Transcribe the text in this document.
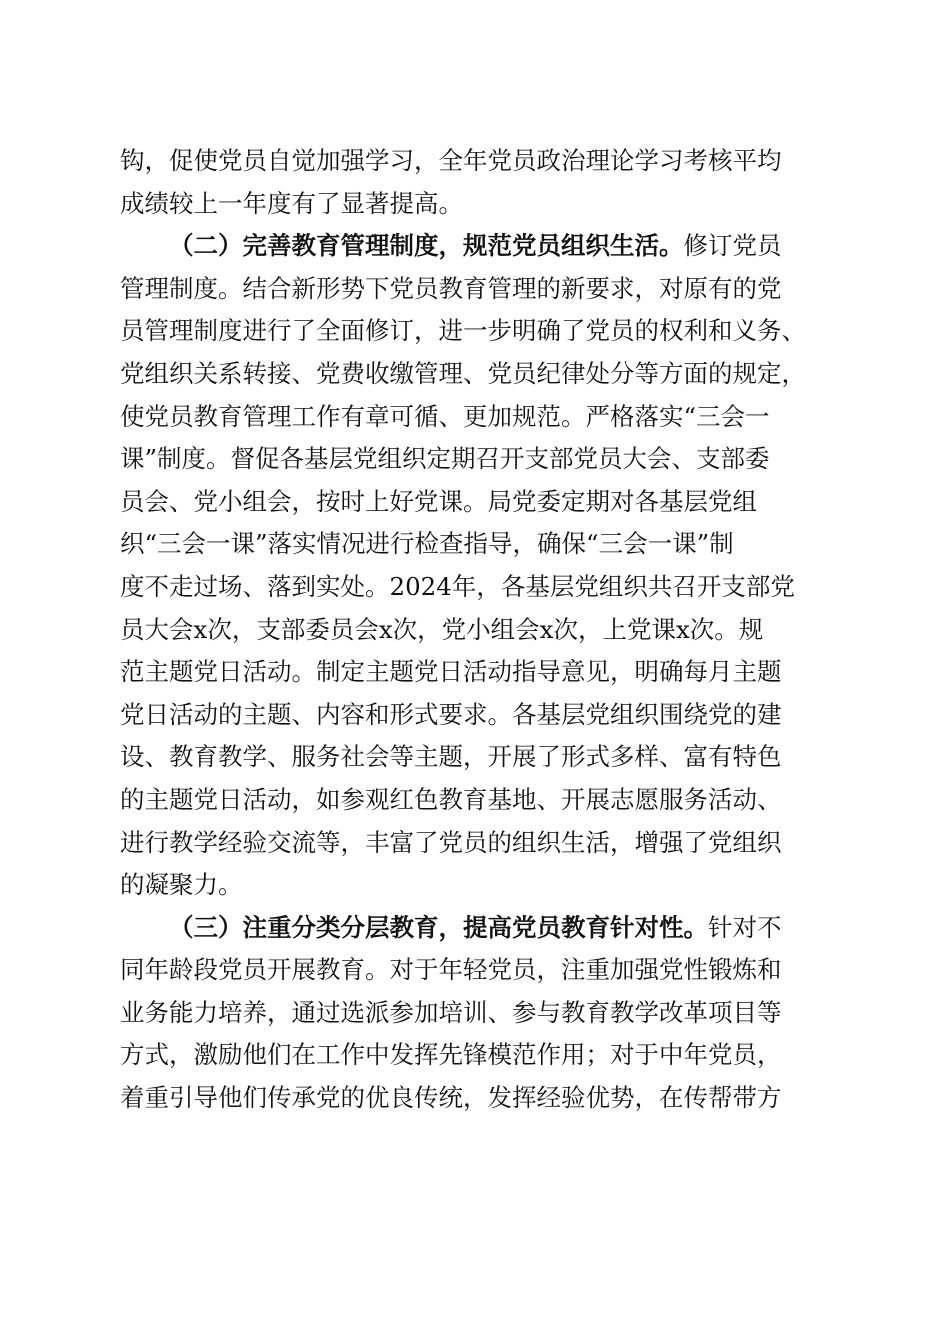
钩，促使党员自觉加强学习，全年党员政治理论学习考核平均
成绩较上一年度有了显著提高。
（二）完善教育管理制度，规范党员组织生活。修订党员
管理制度。结合新形势下党员教育管理的新要求，对原有的党
员管理制度进行了全面修订，进一步明确了党员的权利和义务、
党组织关系转接、党费收缴管理、党员纪律处分等方面的规定，
使党员教育管理工作有章可循、更加规范。严格落实“三会一
课”制度。督促各基层党组织定期召开支部党员大会、支部委
员会、党小组会，按时上好党课。局党委定期对各基层党组
织“三会一课”落实情况进行检查指导，确保“三会一课”制
度不走过场、落到实处。2024年，各基层党组织共召开支部党
员大会x次，支部委员会x次，党小组会x次，上党课x次。规
范主题党日活动。制定主题党日活动指导意见，明确每月主题
党日活动的主题、内容和形式要求。各基层党组织围绕党的建
设、教育教学、服务社会等主题，开展了形式多样、富有特色
的主题党日活动，如参观红色教育基地、开展志愿服务活动、
进行教学经验交流等，丰富了党员的组织生活，增强了党组织
的凝聚力。
（三）注重分类分层教育，提高党员教育针对性。针对不
同年龄段党员开展教育。对于年轻党员，注重加强党性锻炼和
业务能力培养，通过选派参加培训、参与教育教学改革项目等
方式，激励他们在工作中发挥先锋模范作用；对于中年党员，
着重引导他们传承党的优良传统，发挥经验优势，在传帮带方
